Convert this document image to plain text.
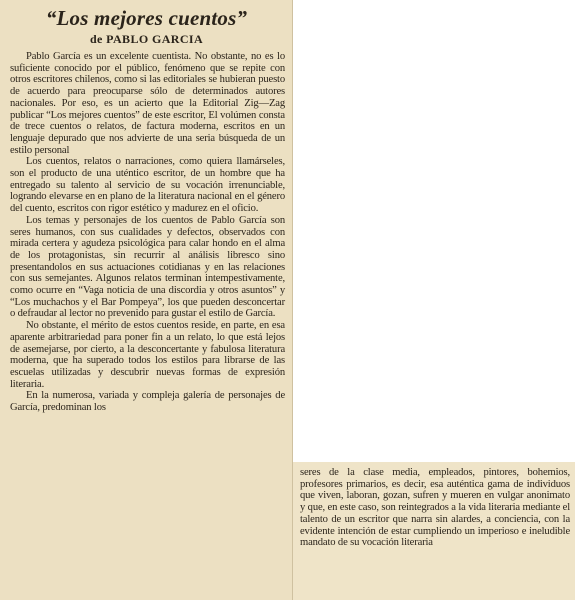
“Los mejores cuentos”
de PABLO GARCIA

Pablo García es un excelente cuentista. No obstante, no es lo suficiente conocido por el público, fenómeno que se repite con otros escritores chilenos, como si las editoriales se hubieran puesto de acuerdo para preocuparse sólo de determinados autores nacionales. Por eso, es un acierto que la Editorial Zig—Zag publicar “Los mejores cuentos” de este escritor, El volúmen consta de trece cuentos o relatos, de factura moderna, escritos en un lenguaje depurado que nos advierte de una seria búsqueda de un estilo personal

Los cuentos, relatos o narraciones, como quiera llamárseles, son el producto de una uténtico escritor, de un hombre que ha entregado su talento al servicio de su vocación irrenunciable, logrando elevarse en en plano de la literatura nacional en el género del cuento, escritos con rigor estético y madurez en el oficio.

Los temas y personajes de los cuentos de Pablo García son seres humanos, con sus cualidades y defectos, observados con mirada certera y agudeza psicológica para calar hondo en el alma de los protagonistas, sin recurrir al análisis libresco sino presentandolos en sus actuaciones cotidianas y en las relaciones con sus semejantes. Algunos relatos terminan intempestivamente, como ocurre en “Vaga noticia de una discordia y otros asuntos” y “Los muchachos y el Bar Pompeya”, los que pueden desconcertar o defraudar al lector no prevenido para gustar el estilo de García.

No obstante, el mérito de estos cuentos reside, en parte, en esa aparente arbitrariedad para poner fin a un relato, lo que está lejos de asemejarse, por cierto, a la desconcertante y fabulosa literatura moderna, que ha superado todos los estilos para librarse de las escuelas utilizadas y descubrir nuevas formas de expresión literaria.

En la numerosa, variada y compleja galería de personajes de García, predominan los

seres de la clase media, empleados, pintores, bohemios, profesores primarios, es decir, esa auténtica gama de individuos que viven, laboran, gozan, sufren y mueren en vulgar anonimato y que, en este caso, son reintegrados a la vida literaria mediante el talento de un escritor que narra sin alardes, a conciencia, con la evidente intención de estar cumpliendo un imperioso e ineludible mandato de su vocación literaria
